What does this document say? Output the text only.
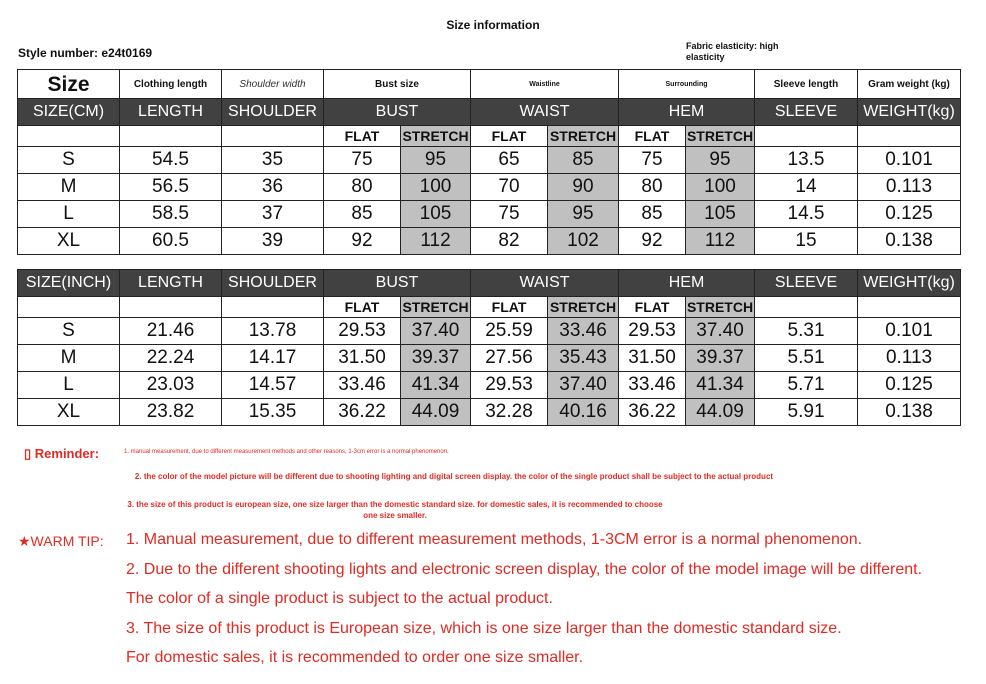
Size information
Style number: e24t0169	Fabric elasticity: high elasticity
Size	Clothing length	Shoulder width	Bust size		Waistline		Surrounding		Sleeve length	Gram weight (kg)
SIZE(CM)	LENGTH	SHOULDER	BUST		WAIST		HEM		SLEEVE	WEIGHT(kg)
			FLAT	STRETCH	FLAT	STRETCH	FLAT	STRETCH		
S	54.5	35	75	95	65	85	75	95	13.5	0.101
M	56.5	36	80	100	70	90	80	100	14	0.113
L	58.5	37	85	105	75	95	85	105	14.5	0.125
XL	60.5	39	92	112	82	102	92	112	15	0.138
SIZE(INCH)	LENGTH	SHOULDER	BUST		WAIST		HEM		SLEEVE	WEIGHT(kg)
			FLAT	STRETCH	FLAT	STRETCH	FLAT	STRETCH		
S	21.46	13.78	29.53	37.40	25.59	33.46	29.53	37.40	5.31	0.101
M	22.24	14.17	31.50	39.37	27.56	35.43	31.50	39.37	5.51	0.113
L	23.03	14.57	33.46	41.34	29.53	37.40	33.46	41.34	5.71	0.125
XL	23.82	15.35	36.22	44.09	32.28	40.16	36.22	44.09	5.91	0.138
▯ Reminder:	1. manual measurement, due to different measurement methods and other reasons, 1-3cm error is a normal phenomenon.
2. the color of the model picture will be different due to shooting lighting and digital screen display. the color of the single product shall be subject to the actual product
3. the size of this product is european size, one size larger than the domestic standard size. for domestic sales, it is recommended to choose one size smaller.
★WARM TIP: 1. Manual measurement, due to different measurement methods, 1-3CM error is a normal phenomenon.
2. Due to the different shooting lights and electronic screen display, the color of the model image will be different.
The color of a single product is subject to the actual product.
3. The size of this product is European size, which is one size larger than the domestic standard size.
For domestic sales, it is recommended to order one size smaller.
